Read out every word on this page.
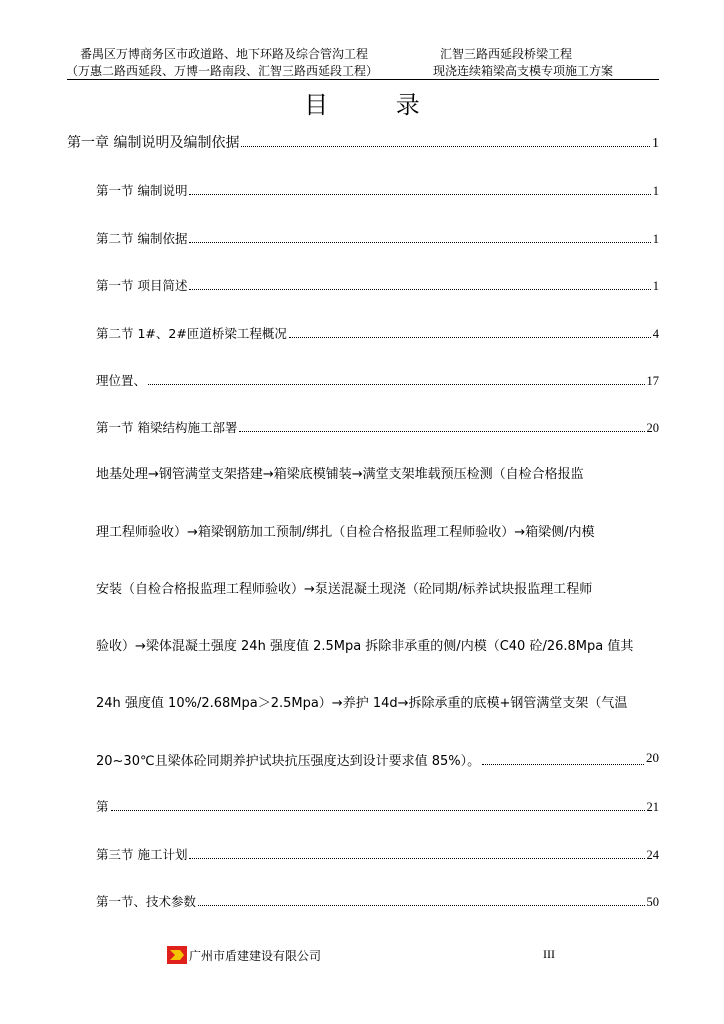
番禺区万博商务区市政道路、地下环路及综合管沟工程
（万惠二路西延段、万博一路南段、汇智三路西延段工程）
汇智三路西延段桥梁工程
现浇连续箱梁高支模专项施工方案
目 录
第一章 编制说明及编制依据	1
第一节 编制说明	1
第二节 编制依据	1
第一节 项目简述	1
第二节 1#、2#匝道桥梁工程概况	4
理位置、	17
第一节 箱梁结构施工部署	20
地基处理→钢管满堂支架搭建→箱梁底模铺装→满堂支架堆载预压检测（自检合格报监
理工程师验收）→箱梁钢筋加工预制/绑扎（自检合格报监理工程师验收）→箱梁侧/内模
安装（自检合格报监理工程师验收）→泵送混凝土现浇（砼同期/标养试块报监理工程师
验收）→梁体混凝土强度 24h 强度值 2.5Mpa 拆除非承重的侧/内模（C40 砼/26.8Mpa 值其
24h 强度值 10%/2.68Mpa＞2.5Mpa）→养护 14d→拆除承重的底模+钢管满堂支架（气温
20~30℃且梁体砼同期养护试块抗压强度达到设计要求值 85%）。	20
第	21
第三节 施工计划	24
第一节、技术参数	50
广州市盾建建设有限公司	III
